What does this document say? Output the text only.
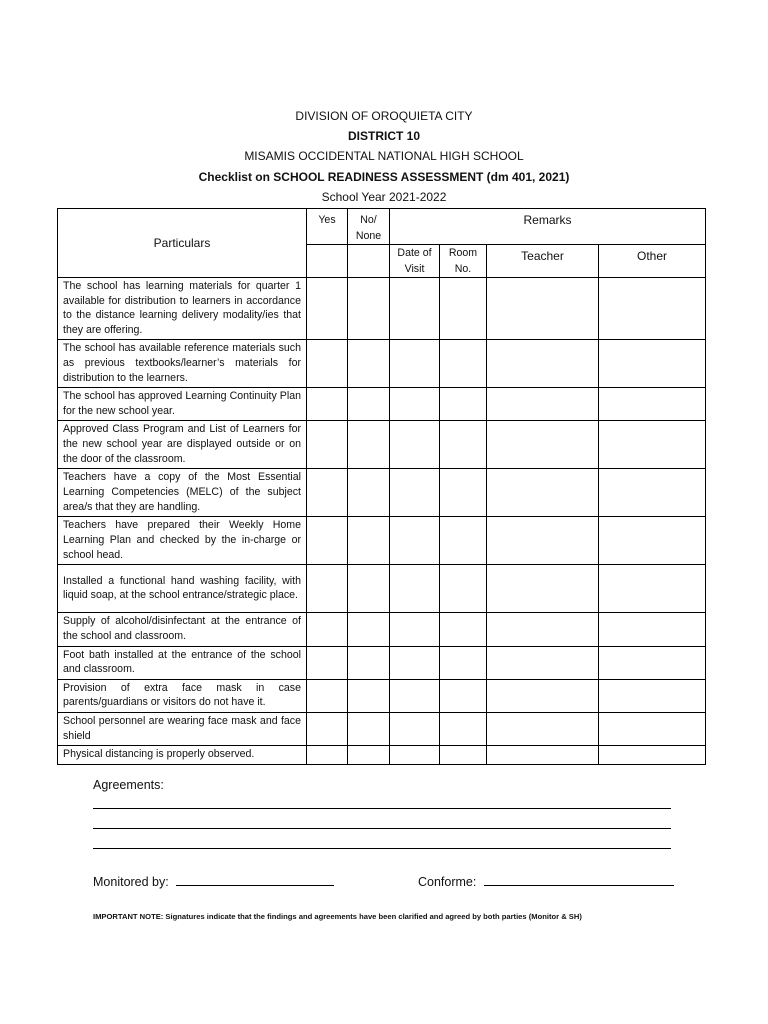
DIVISION OF OROQUIETA CITY
DISTRICT 10
MISAMIS OCCIDENTAL NATIONAL HIGH SCHOOL
Checklist on SCHOOL READINESS ASSESSMENT (dm 401, 2021)
School Year 2021-2022
Particulars	Yes	No/ None	Remarks			
			Date of Visit	Room No.	Teacher	Other
The school has learning materials for quarter 1 available for distribution to learners in accordance to the distance learning delivery modality/ies that they are offering.						
The school has available reference materials such as previous textbooks/learner’s materials for distribution to the learners.						
The school has approved Learning Continuity Plan for the new school year.						
Approved Class Program and List of Learners for the new school year are displayed outside or on the door of the classroom.						
Teachers have a copy of the Most Essential Learning Competencies (MELC) of the subject area/s that they are handling.						
Teachers have prepared their Weekly Home Learning Plan and checked by the in-charge or school head.						
Installed a functional hand washing facility, with liquid soap, at the school entrance/strategic place.						
Supply of alcohol/disinfectant at the entrance of the school and classroom.						
Foot bath installed at the entrance of the school and classroom.						
Provision of extra face mask in case parents/guardians or visitors do not have it.						
School personnel are wearing face mask and face shield						
Physical distancing is properly observed.						
Agreements:
Monitored by:	Conforme:
IMPORTANT NOTE: Signatures indicate that the findings and agreements have been clarified and agreed by both parties (Monitor & SH)
